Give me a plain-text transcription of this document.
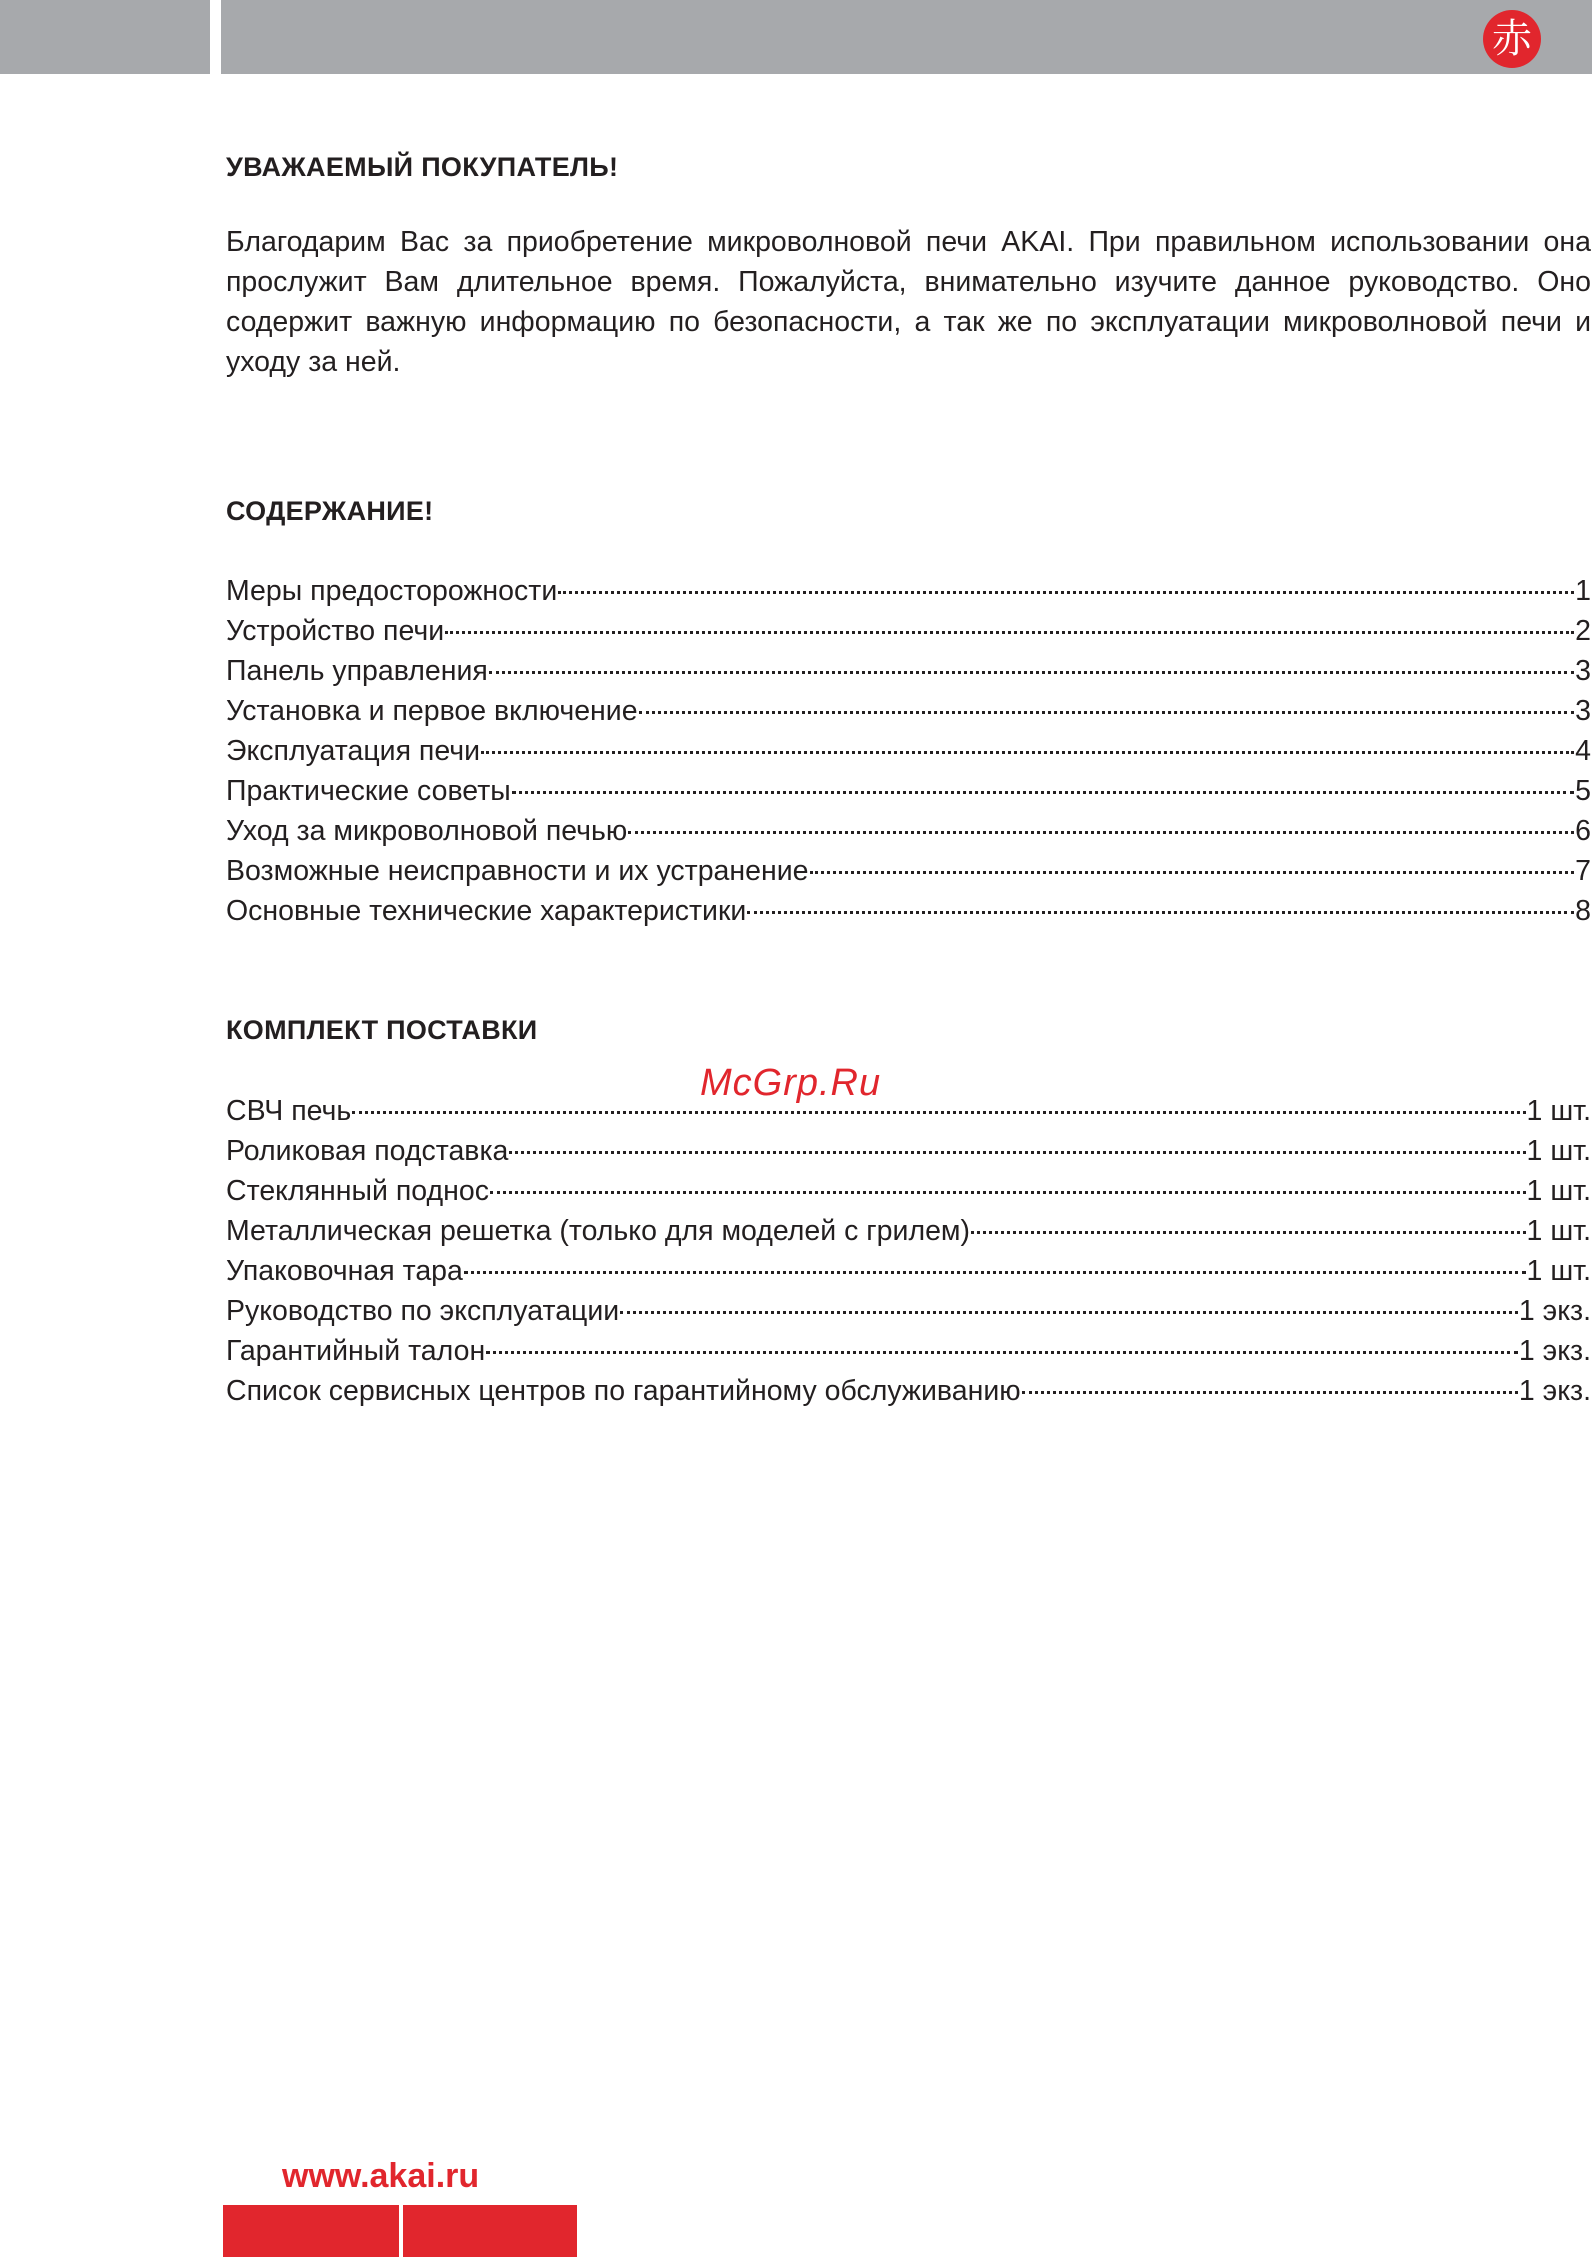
赤
УВАЖАЕМЫЙ ПОКУПАТЕЛЬ!

Благодарим Вас за приобретение микроволновой печи AKAI. При правильном использовании она прослужит Вам длительное время. Пожалуйста, внимательно изучите данное руководство. Оно содержит важную информацию по безопасности, а так же по эксплуатации микроволновой печи и уходу за ней.

СОДЕРЖАНИЕ!
Меры предосторожности	1
Устройство печи	2
Панель управления	3
Установка и первое включение	3
Эксплуатация печи	4
Практические советы	5
Уход за микроволновой печью	6
Возможные неисправности и их устранение	7
Основные технические характеристики	8
КОМПЛЕКТ ПОСТАВКИ
СВЧ печь	1 шт.
Роликовая подставка	1 шт.
Стеклянный поднос	1 шт.
Металлическая решетка (только для моделей с грилем)	1 шт.
Упаковочная тара	1 шт.
Руководство по эксплуатации	1 экз.
Гарантийный талон	1 экз.
Список сервисных центров по гарантийному обслуживанию	1 экз.
McGrp.Ru
www.akai.ru
